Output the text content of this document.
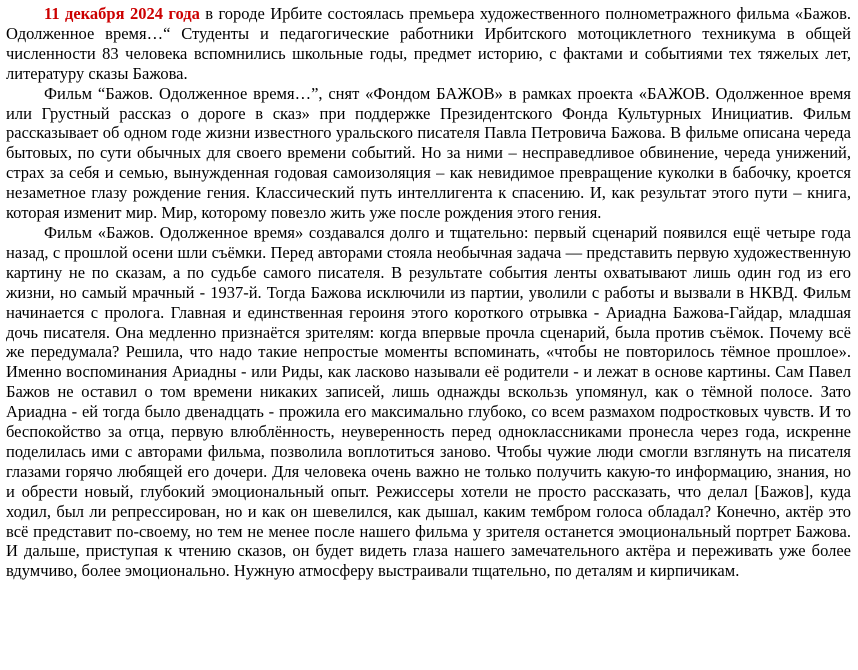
11 декабря 2024 года в городе Ирбите состоялась премьера художественного полнометражного фильма «Бажов. Одолженное время…“ Студенты и педагогические работники Ирбитского мотоциклетного техникума в общей численности 83 человека вспомнились школьные годы, предмет историю, с фактами и событиями тех тяжелых лет, литературу сказы Бажова.

Фильм “Бажов. Одолженное время…”, снят «Фондом БАЖОВ» в рамках проекта «БАЖОВ. Одолженное время или Грустный рассказ о дороге в сказ» при поддержке Президентского Фонда Культурных Инициатив. Фильм рассказывает об одном годе жизни известного уральского писателя Павла Петровича Бажова. В фильме описана череда бытовых, по сути обычных для своего времени событий. Но за ними – несправедливое обвинение, череда унижений, страх за себя и семью, вынужденная годовая самоизоляция – как невидимое превращение куколки в бабочку, кроется незаметное глазу рождение гения. Классический путь интеллигента к спасению. И, как результат этого пути – книга, которая изменит мир. Мир, которому повезло жить уже после рождения этого гения.

Фильм «Бажов. Одолженное время» создавался долго и тщательно: первый сценарий появился ещё четыре года назад, с прошлой осени шли съёмки. Перед авторами стояла необычная задача — представить первую художественную картину не по сказам, а по судьбе самого писателя. В результате события ленты охватывают лишь один год из его жизни, но самый мрачный - 1937-й. Тогда Бажова исключили из партии, уволили с работы и вызвали в НКВД. Фильм начинается с пролога. Главная и единственная героиня этого короткого отрывка - Ариадна Бажова-Гайдар, младшая дочь писателя. Она медленно признаётся зрителям: когда впервые прочла сценарий, была против съёмок. Почему всё же передумала? Решила, что надо такие непростые моменты вспоминать, «чтобы не повторилось тёмное прошлое». Именно воспоминания Ариадны - или Риды, как ласково называли её родители - и лежат в основе картины. Сам Павел Бажов не оставил о том времени никаких записей, лишь однажды вскользь упомянул, как о тёмной полосе. Зато Ариадна - ей тогда было двенадцать - прожила его максимально глубоко, со всем размахом подростковых чувств. И то беспокойство за отца, первую влюблённость, неуверенность перед одноклассниками пронесла через года, искренне поделилась ими с авторами фильма, позволила воплотиться заново. Чтобы чужие люди смогли взглянуть на писателя глазами горячо любящей его дочери. Для человека очень важно не только получить какую-то информацию, знания, но и обрести новый, глубокий эмоциональный опыт. Режиссеры хотели не просто рассказать, что делал [Бажов], куда ходил, был ли репрессирован, но и как он шевелился, как дышал, каким тембром голоса обладал? Конечно, актёр это всё представит по-своему, но тем не менее после нашего фильма у зрителя останется эмоциональный портрет Бажова. И дальше, приступая к чтению сказов, он будет видеть глаза нашего замечательного актёра и переживать уже более вдумчиво, более эмоционально. Нужную атмосферу выстраивали тщательно, по деталям и кирпичикам.
